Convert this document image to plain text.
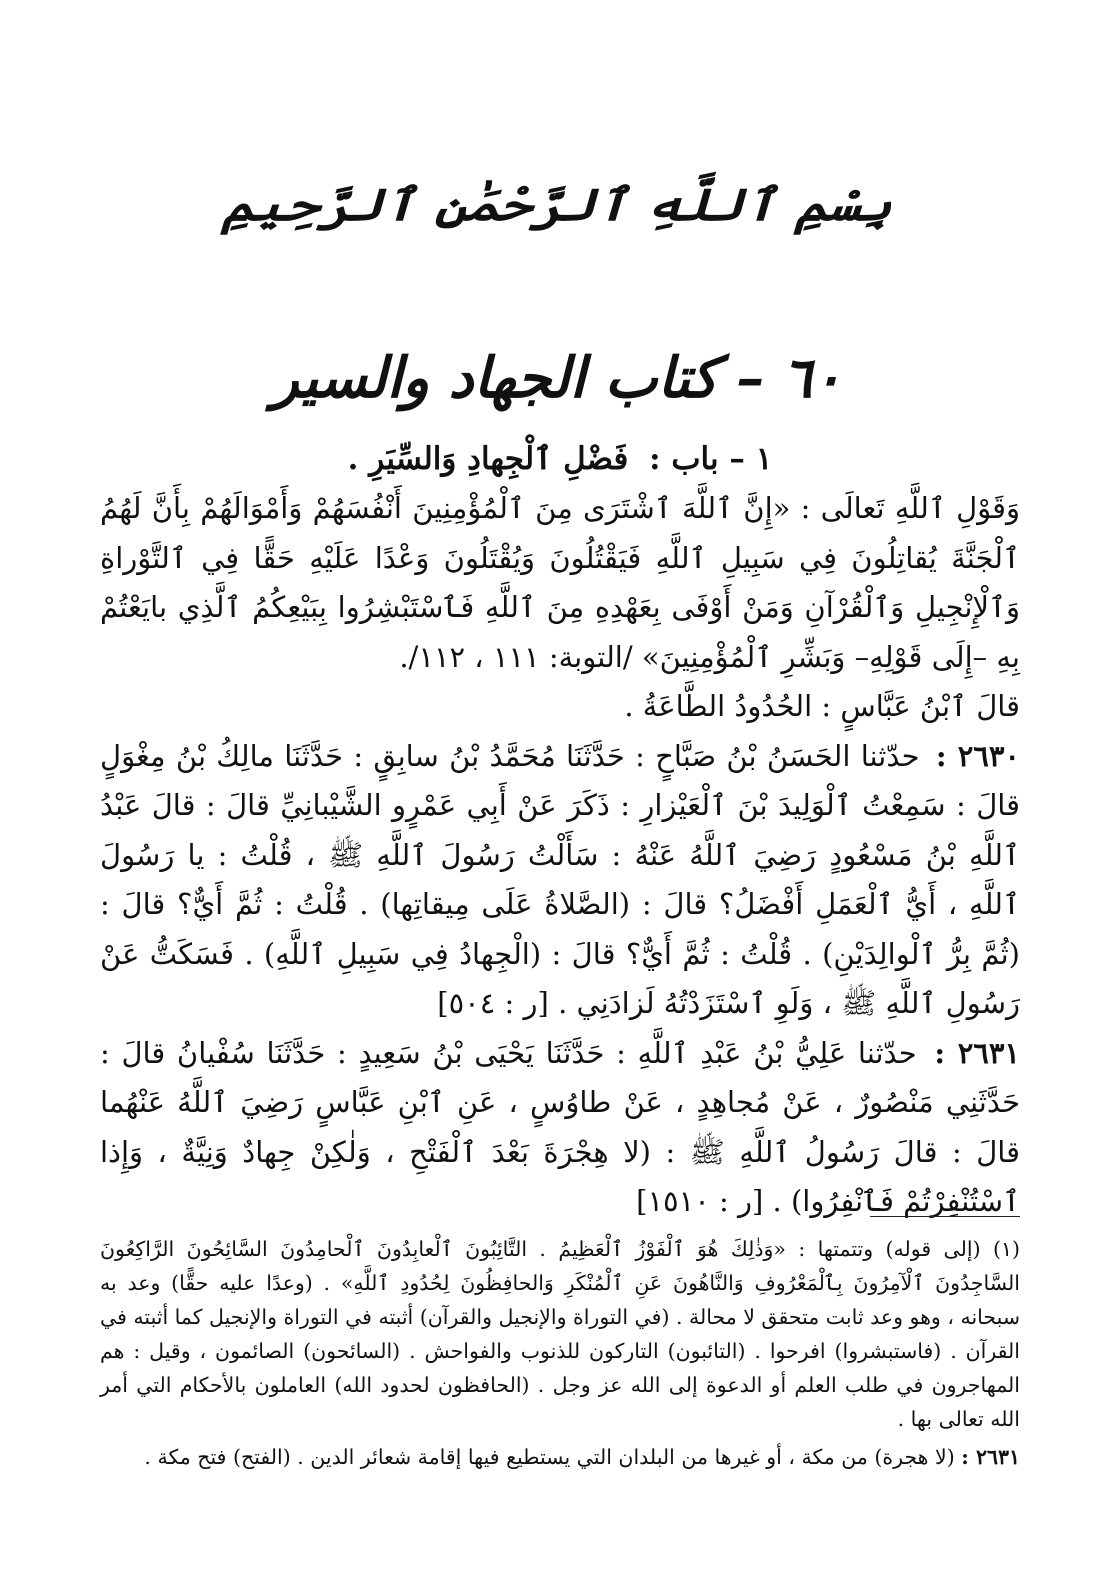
بِسْمِ ٱللَّهِ ٱلرَّحْمَٰنِ ٱلرَّحِيمِ
٦٠–كتاب الجهاد والسير
١ – باب : فَضْلِ ٱلْجِهادِ وَالسِّيَرِ .

وَقَوْلِ ٱللَّهِ تَعالَى : «إِنَّ ٱللَّهَ ٱشْتَرَى مِنَ ٱلْمُؤْمِنِينَ أَنْفُسَهُمْ وَأَمْوَالَهُمْ بِأَنَّ لَهُمُ ٱلْجَنَّةَ يُقاتِلُونَ فِي سَبِيلِ ٱللَّهِ فَيَقْتُلُونَ وَيُقْتَلُونَ وَعْدًا عَلَيْهِ حَقًّا فِي ٱلتَّوْراةِ وَٱلْإِنْجِيلِ وَٱلْقُرْآنِ وَمَنْ أَوْفَى بِعَهْدِهِ مِنَ ٱللَّهِ فَٱسْتَبْشِرُوا بِبَيْعِكُمُ ٱلَّذِي بايَعْتُمْ بِهِ –إِلَى قَوْلِهِ– وَبَشِّرِ ٱلْمُؤْمِنِينَ» /التوبة: ١١١ ، ١١٢/.

قالَ ٱبْنُ عَبَّاسٍ : الحُدُودُ الطَّاعَةُ .

٢٦٣٠ : حدّثنا الحَسَنُ بْنُ صَبَّاحٍ : حَدَّثَنَا مُحَمَّدُ بْنُ سابِقٍ : حَدَّثَنَا مالِكُ بْنُ مِغْوَلٍ قالَ : سَمِعْتُ ٱلْوَلِيدَ بْنَ ٱلْعَيْزارِ : ذَكَرَ عَنْ أَبِي عَمْرٍو الشَّيْبانِيِّ قالَ : قالَ عَبْدُ ٱللَّهِ بْنُ مَسْعُودٍ رَضِيَ ٱللَّهُ عَنْهُ : سَأَلْتُ رَسُولَ ٱللَّهِ ﷺ ، قُلْتُ : يا رَسُولَ ٱللَّهِ ، أَيُّ ٱلْعَمَلِ أَفْضَلُ؟ قالَ : (الصَّلاةُ عَلَى مِيقاتِها) . قُلْتُ : ثُمَّ أَيٌّ؟ قالَ : (ثُمَّ بِرُّ ٱلْوالِدَيْنِ) . قُلْتُ : ثُمَّ أَيٌّ؟ قالَ : (الْجِهادُ فِي سَبِيلِ ٱللَّهِ) . فَسَكَتُّ عَنْ رَسُولِ ٱللَّهِ ﷺ ، وَلَوِ ٱسْتَزَدْتُهُ لَزادَنِي . [ر : ٥٠٤]

٢٦٣١ : حدّثنا عَلِيُّ بْنُ عَبْدِ ٱللَّهِ : حَدَّثَنَا يَحْيَى بْنُ سَعِيدٍ : حَدَّثَنَا سُفْيانُ قالَ : حَدَّثَنِي مَنْصُورٌ ، عَنْ مُجاهِدٍ ، عَنْ طاوُسٍ ، عَنِ ٱبْنِ عَبَّاسٍ رَضِيَ ٱللَّهُ عَنْهُما قالَ : قالَ رَسُولُ ٱللَّهِ ﷺ : (لا هِجْرَةَ بَعْدَ ٱلْفَتْحِ ، وَلٰكِنْ جِهادٌ وَنِيَّةٌ ، وَإِذا ٱسْتُنْفِرْتُمْ فَٱنْفِرُوا) . [ر : ١٥١٠]

(١) (إلى قوله) وتتمتها : «وَذٰلِكَ هُوَ ٱلْفَوْزُ ٱلْعَظِيمُ . التَّائِبُونَ ٱلْعابِدُونَ ٱلْحامِدُونَ السَّائِحُونَ الرَّاكِعُونَ السَّاجِدُونَ ٱلْآمِرُونَ بِٱلْمَعْرُوفِ وَالنَّاهُونَ عَنِ ٱلْمُنْكَرِ وَالحافِظُونَ لِحُدُودِ ٱللَّهِ» . (وعدًا عليه حقًّا) وعد به سبحانه ، وهو وعد ثابت متحقق لا محالة . (في التوراة والإنجيل والقرآن) أثبته في التوراة والإنجيل كما أثبته في القرآن . (فاستبشروا) افرحوا . (التائبون) التاركون للذنوب والفواحش . (السائحون) الصائمون ، وقيل : هم المهاجرون في طلب العلم أو الدعوة إلى الله عز وجل . (الحافظون لحدود الله) العاملون بالأحكام التي أمر الله تعالى بها .

٢٦٣١ : (لا هجرة) من مكة ، أو غيرها من البلدان التي يستطيع فيها إقامة شعائر الدين . (الفتح) فتح مكة .
